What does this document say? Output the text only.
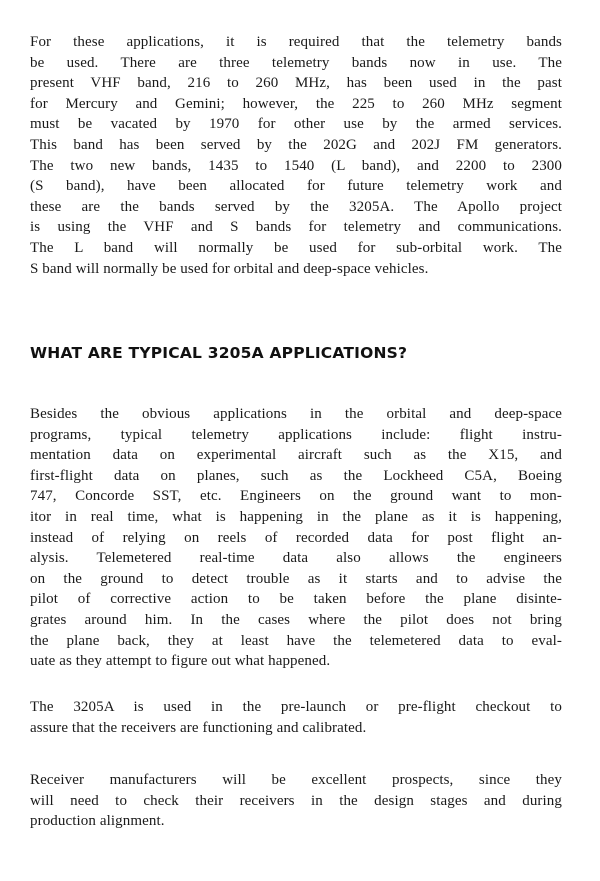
For these applications, it is required that the telemetry bands
be used. There are three telemetry bands now in use. The
present VHF band, 216 to 260 MHz, has been used in the past
for Mercury and Gemini; however, the 225 to 260 MHz segment
must be vacated by 1970 for other use by the armed services.
This band has been served by the 202G and 202J FM generators.
The two new bands, 1435 to 1540 (L band), and 2200 to 2300
(S band), have been allocated for future telemetry work and
these are the bands served by the 3205A. The Apollo project
is using the VHF and S bands for telemetry and communications.
The L band will normally be used for sub-orbital work. The
S band will normally be used for orbital and deep-space vehicles.

WHAT ARE TYPICAL 3205A APPLICATIONS?

Besides the obvious applications in the orbital and deep-space
programs, typical telemetry applications include: flight instru-
mentation data on experimental aircraft such as the X15, and
first-flight data on planes, such as the Lockheed C5A, Boeing
747, Concorde SST, etc. Engineers on the ground want to mon-
itor in real time, what is happening in the plane as it is happening,
instead of relying on reels of recorded data for post flight an-
alysis. Telemetered real-time data also allows the engineers
on the ground to detect trouble as it starts and to advise the
pilot of corrective action to be taken before the plane disinte-
grates around him. In the cases where the pilot does not bring
the plane back, they at least have the telemetered data to eval-
uate as they attempt to figure out what happened.

The 3205A is used in the pre-launch or pre-flight checkout to
assure that the receivers are functioning and calibrated.

Receiver manufacturers will be excellent prospects, since they
will need to check their receivers in the design stages and during
production alignment.
